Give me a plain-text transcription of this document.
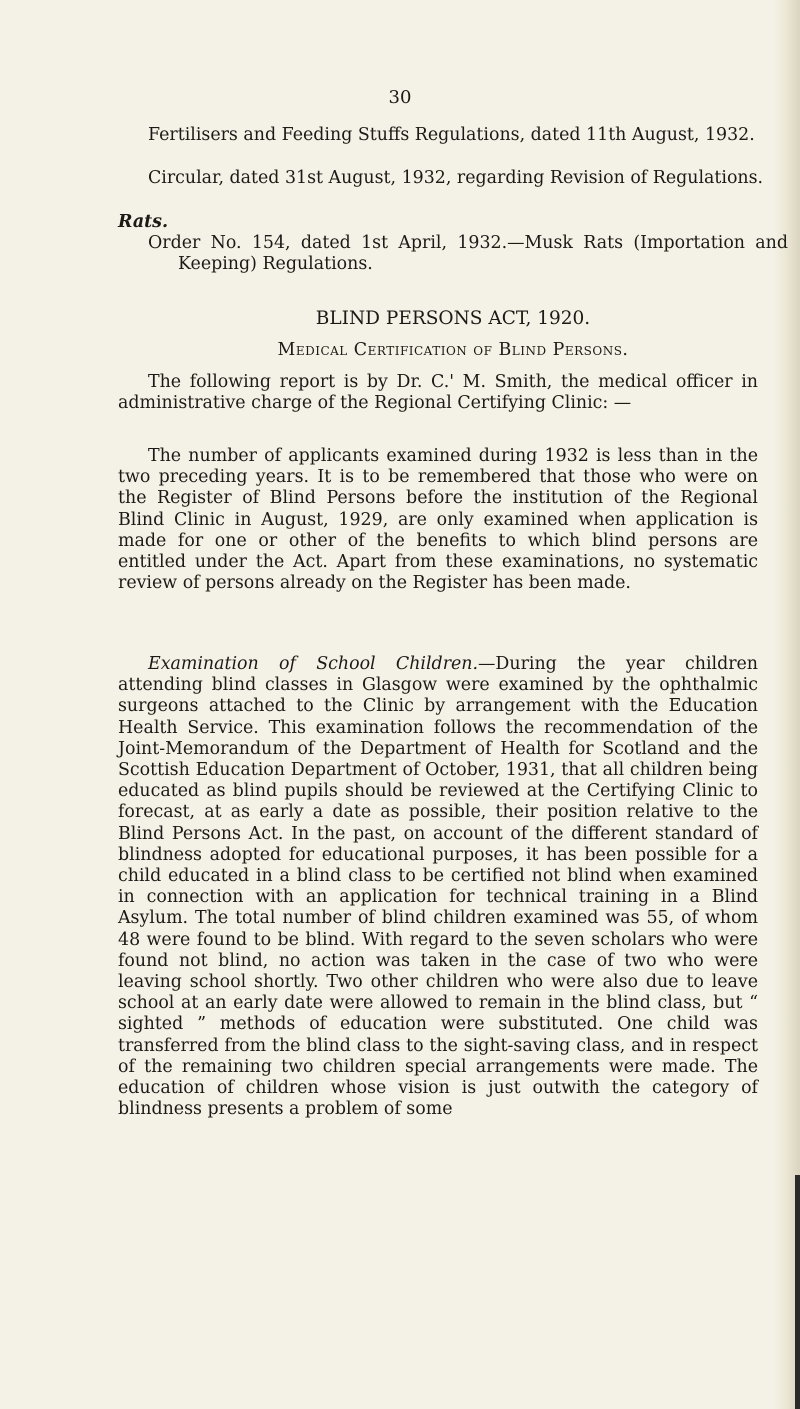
30
Fertilisers and Feeding Stuffs Regulations, dated 11th August, 1932.
Circular, dated 31st August, 1932, regarding Revision of Regulations.
Rats.
Order No. 154, dated 1st April, 1932.—Musk Rats (Importation and Keeping) Regulations.
BLIND PERSONS ACT, 1920.
Medical Certification of Blind Persons.
The following report is by Dr. C.' M. Smith, the medical officer in administrative charge of the Regional Certifying Clinic: —
The number of applicants examined during 1932 is less than in the two preceding years. It is to be remembered that those who were on the Register of Blind Persons before the institution of the Regional Blind Clinic in August, 1929, are only examined when application is made for one or other of the benefits to which blind persons are entitled under the Act. Apart from these examinations, no systematic review of persons already on the Register has been made.
Examination of School Children.—During the year children attending blind classes in Glasgow were examined by the ophthalmic surgeons attached to the Clinic by arrangement with the Education Health Service. This examination follows the recommendation of the Joint-Memorandum of the Department of Health for Scotland and the Scottish Education Department of October, 1931, that all children being educated as blind pupils should be reviewed at the Certifying Clinic to forecast, at as early a date as possible, their position relative to the Blind Persons Act. In the past, on account of the different standard of blindness adopted for educational purposes, it has been possible for a child educated in a blind class to be certified not blind when examined in connection with an application for technical training in a Blind Asylum. The total number of blind children examined was 55, of whom 48 were found to be blind. With regard to the seven scholars who were found not blind, no action was taken in the case of two who were leaving school shortly. Two other children who were also due to leave school at an early date were allowed to remain in the blind class, but “ sighted ” methods of education were substituted. One child was transferred from the blind class to the sight-saving class, and in respect of the remaining two children special arrangements were made. The education of children whose vision is just outwith the category of blindness presents a problem of some
